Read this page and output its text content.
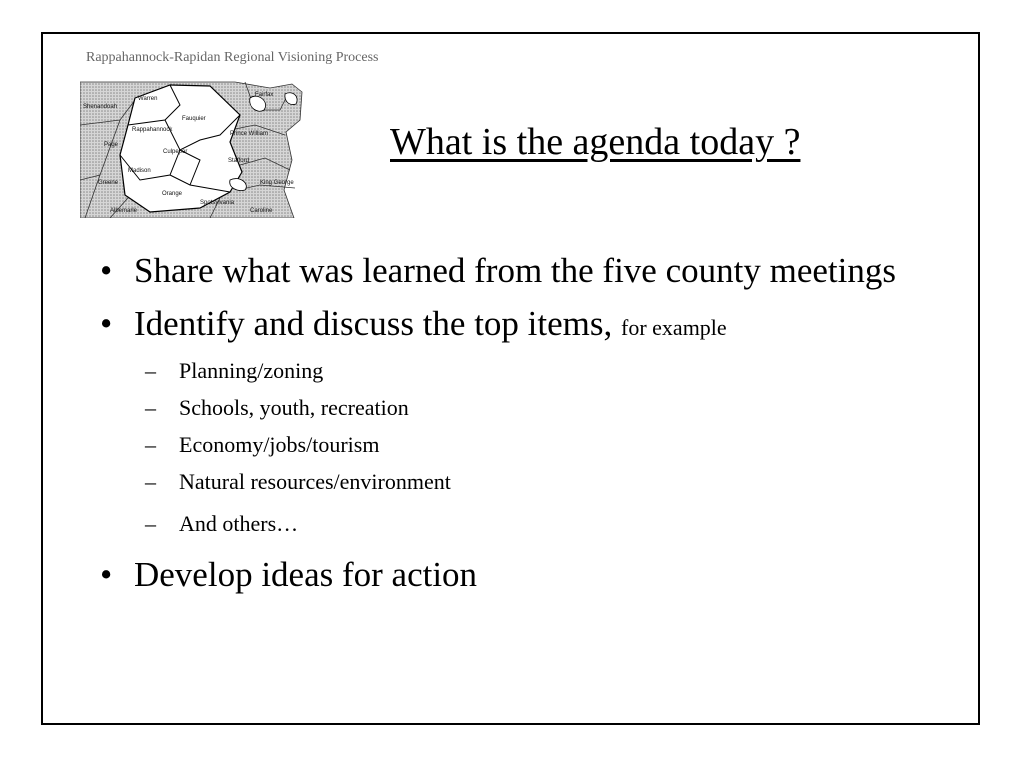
Rappahannock-Rapidan Regional Visioning Process
Shenandoah
Warren
Fairfax
Fauquier
Rappahannock
Prince William
Page
Culpeper
Stafford
Madison
Greene	King George
Orange
Spotsylvania
Albemarle	Caroline
What is the agenda today ?
• Share what was learned from the five county meetings
• Identify and discuss the top items, for example
– Planning/zoning
– Schools, youth, recreation
– Economy/jobs/tourism
– Natural resources/environment
– And others…
• Develop ideas for action
